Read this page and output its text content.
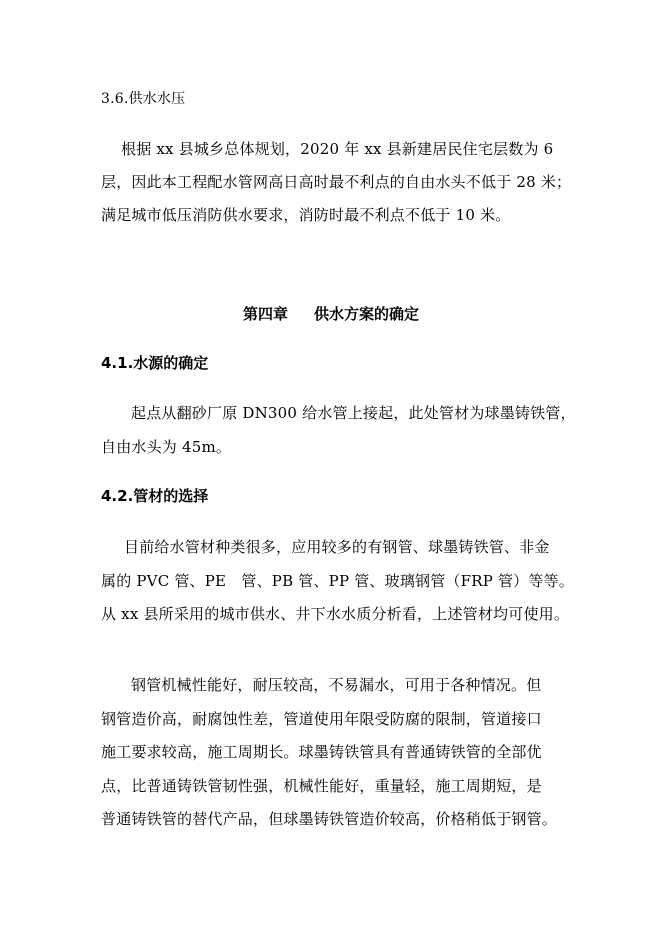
3.6.供水水压
根据 xx 县城乡总体规划，2020 年 xx 县新建居民住宅层数为 6
层，因此本工程配水管网高日高时最不利点的自由水头不低于 28 米；
满足城市低压消防供水要求，消防时最不利点不低于 10 米。
第四章 供水方案的确定
4.1.水源的确定
起点从翻砂厂原 DN300 给水管上接起，此处管材为球墨铸铁管，
自由水头为 45m。
4.2.管材的选择
目前给水管材种类很多，应用较多的有钢管、球墨铸铁管、非金
属的 PVC 管、PE　管、PB 管、PP 管、玻璃钢管（FRP 管）等等。
从 xx 县所采用的城市供水、井下水水质分析看，上述管材均可使用。
钢管机械性能好，耐压较高，不易漏水，可用于各种情况。但
钢管造价高，耐腐蚀性差，管道使用年限受防腐的限制，管道接口
施工要求较高，施工周期长。球墨铸铁管具有普通铸铁管的全部优
点，比普通铸铁管韧性强，机械性能好，重量轻，施工周期短，是
普通铸铁管的替代产品，但球墨铸铁管造价较高，价格稍低于钢管。
